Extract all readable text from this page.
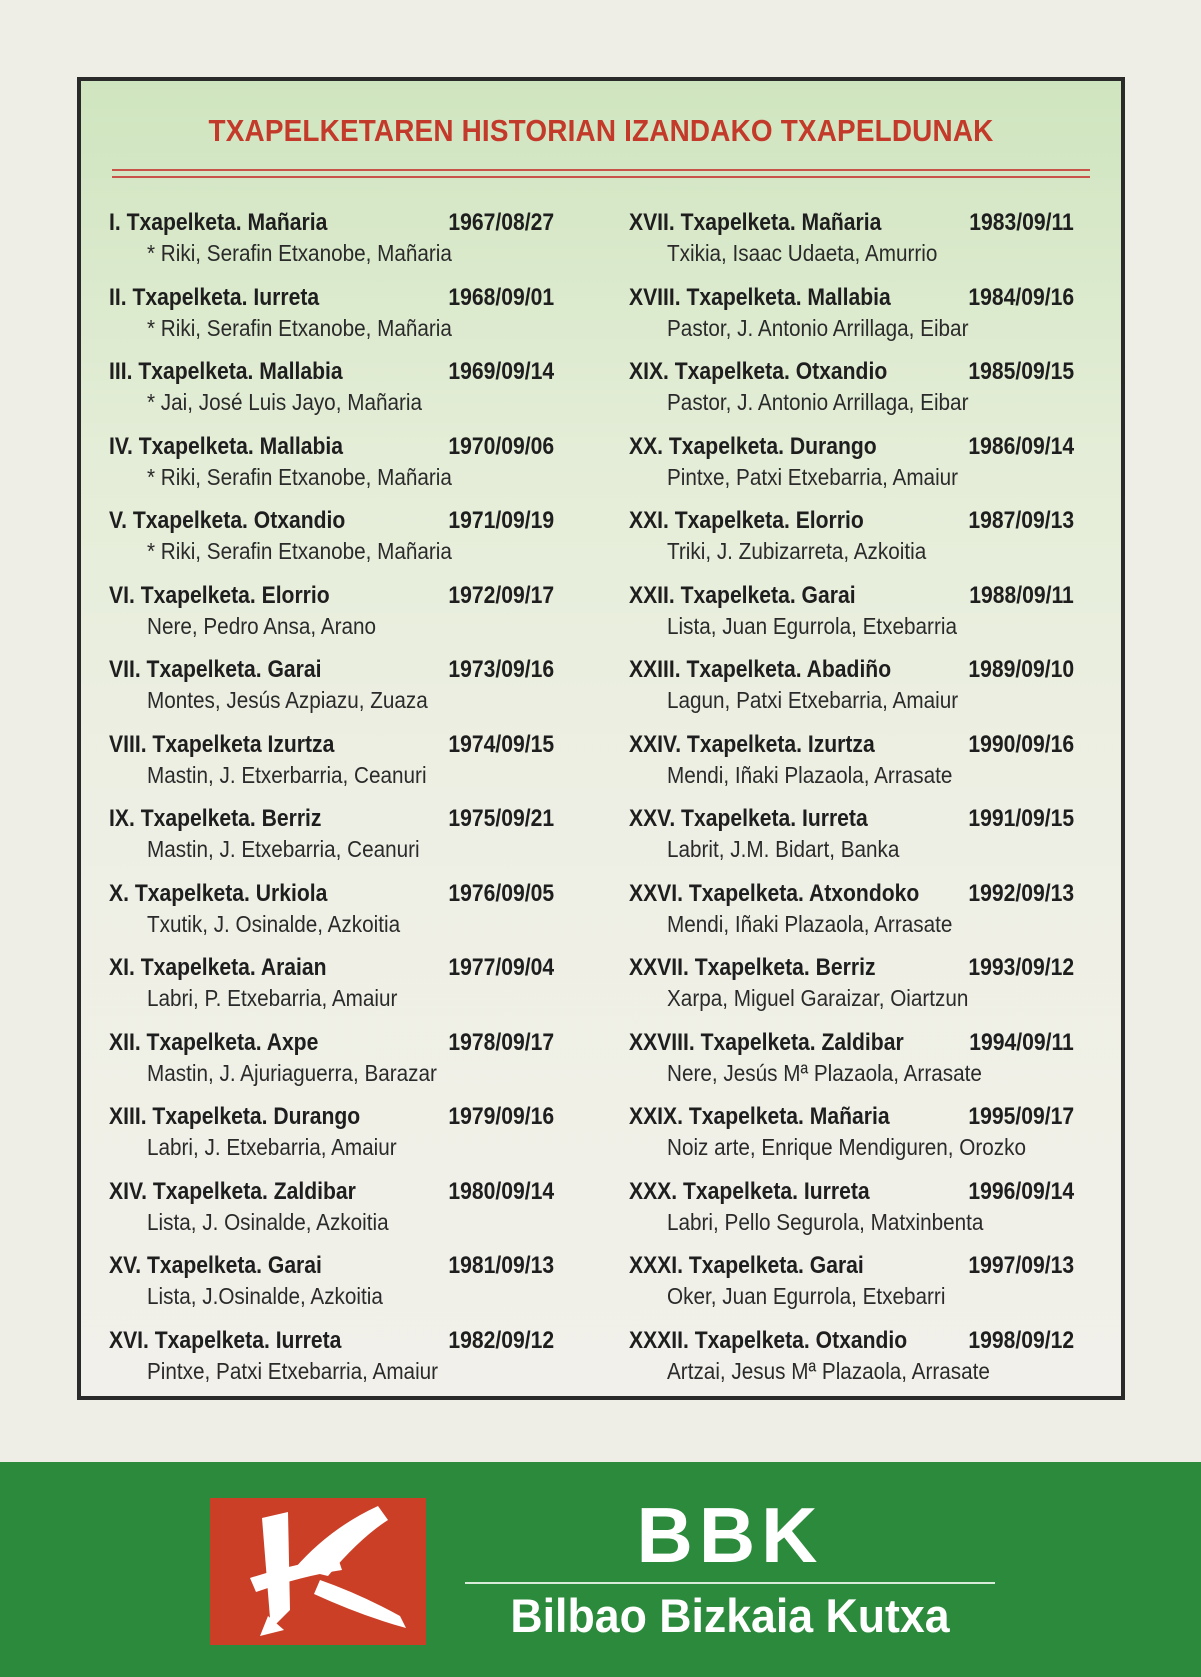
TXAPELKETAREN HISTORIAN IZANDAKO TXAPELDUNAK
I. Txapelketa. Mañaria	1967/08/27
* Riki, Serafin Etxanobe, Mañaria
II. Txapelketa. Iurreta	1968/09/01
* Riki, Serafin Etxanobe, Mañaria
III. Txapelketa. Mallabia	1969/09/14
* Jai, José Luis Jayo, Mañaria
IV. Txapelketa. Mallabia	1970/09/06
* Riki, Serafin Etxanobe, Mañaria
V. Txapelketa. Otxandio	1971/09/19
* Riki, Serafin Etxanobe, Mañaria
VI. Txapelketa. Elorrio	1972/09/17
Nere, Pedro Ansa, Arano
VII. Txapelketa. Garai	1973/09/16
Montes, Jesús Azpiazu, Zuaza
VIII. Txapelketa Izurtza	1974/09/15
Mastin, J. Etxerbarria, Ceanuri
IX. Txapelketa. Berriz	1975/09/21
Mastin, J. Etxebarria, Ceanuri
X. Txapelketa. Urkiola	1976/09/05
Txutik, J. Osinalde, Azkoitia
XI. Txapelketa. Araian	1977/09/04
Labri, P. Etxebarria, Amaiur
XII. Txapelketa. Axpe	1978/09/17
Mastin, J. Ajuriaguerra, Barazar
XIII. Txapelketa. Durango	1979/09/16
Labri, J. Etxebarria, Amaiur
XIV. Txapelketa. Zaldibar	1980/09/14
Lista, J. Osinalde, Azkoitia
XV. Txapelketa. Garai	1981/09/13
Lista, J.Osinalde, Azkoitia
XVI. Txapelketa. Iurreta	1982/09/12
Pintxe, Patxi Etxebarria, Amaiur
XVII. Txapelketa. Mañaria	1983/09/11
Txikia, Isaac Udaeta, Amurrio
XVIII. Txapelketa. Mallabia	1984/09/16
Pastor, J. Antonio Arrillaga, Eibar
XIX. Txapelketa. Otxandio	1985/09/15
Pastor, J. Antonio Arrillaga, Eibar
XX. Txapelketa. Durango	1986/09/14
Pintxe, Patxi Etxebarria, Amaiur
XXI. Txapelketa. Elorrio	1987/09/13
Triki, J. Zubizarreta, Azkoitia
XXII. Txapelketa. Garai	1988/09/11
Lista, Juan Egurrola, Etxebarria
XXIII. Txapelketa. Abadiño	1989/09/10
Lagun, Patxi Etxebarria, Amaiur
XXIV. Txapelketa. Izurtza	1990/09/16
Mendi, Iñaki Plazaola, Arrasate
XXV. Txapelketa. Iurreta	1991/09/15
Labrit, J.M. Bidart, Banka
XXVI. Txapelketa. Atxondoko 1992/09/13
Mendi, Iñaki Plazaola, Arrasate
XXVII. Txapelketa. Berriz	1993/09/12
Xarpa, Miguel Garaizar, Oiartzun
XXVIII. Txapelketa. Zaldibar	1994/09/11
Nere, Jesús Mª Plazaola, Arrasate
XXIX. Txapelketa. Mañaria	1995/09/17
Noiz arte, Enrique Mendiguren, Orozko
XXX. Txapelketa. Iurreta	1996/09/14
Labri, Pello Segurola, Matxinbenta
XXXI. Txapelketa. Garai	1997/09/13
Oker, Juan Egurrola, Etxebarri
XXXII. Txapelketa. Otxandio	1998/09/12
Artzai, Jesus Mª Plazaola, Arrasate
BBK
Bilbao Bizkaia Kutxa
